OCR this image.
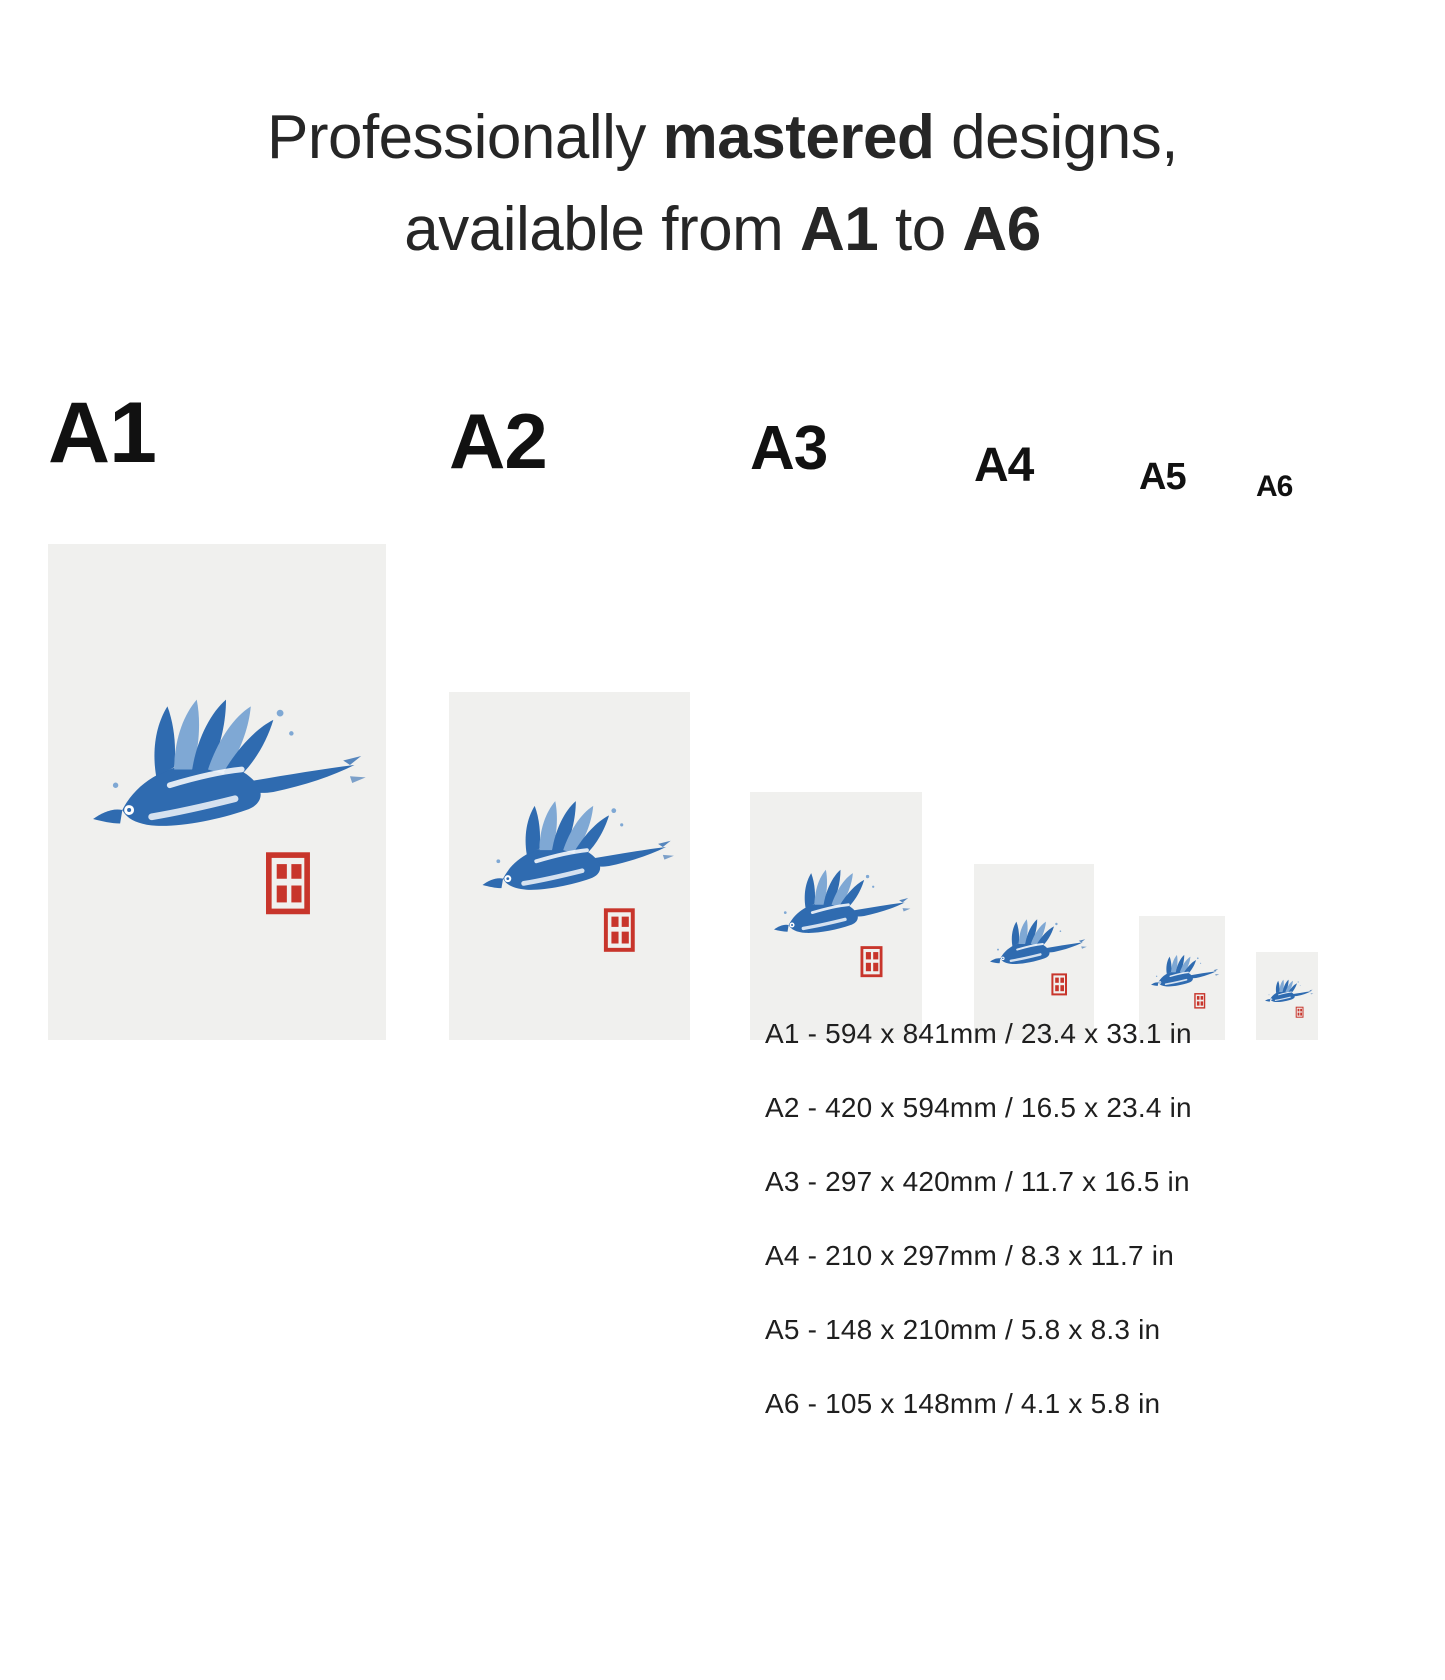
Professionally mastered designs,
available from A1 to A6
A1	A2	A3	A4	A5 A6
A1 - 594 x 841mm / 23.4 x 33.1 in
A2 - 420 x 594mm / 16.5 x 23.4 in
A3 - 297 x 420mm / 11.7 x 16.5 in
A4 - 210 x 297mm / 8.3 x 11.7 in
A5 - 148 x 210mm / 5.8 x 8.3 in
A6 - 105 x 148mm / 4.1 x 5.8 in
